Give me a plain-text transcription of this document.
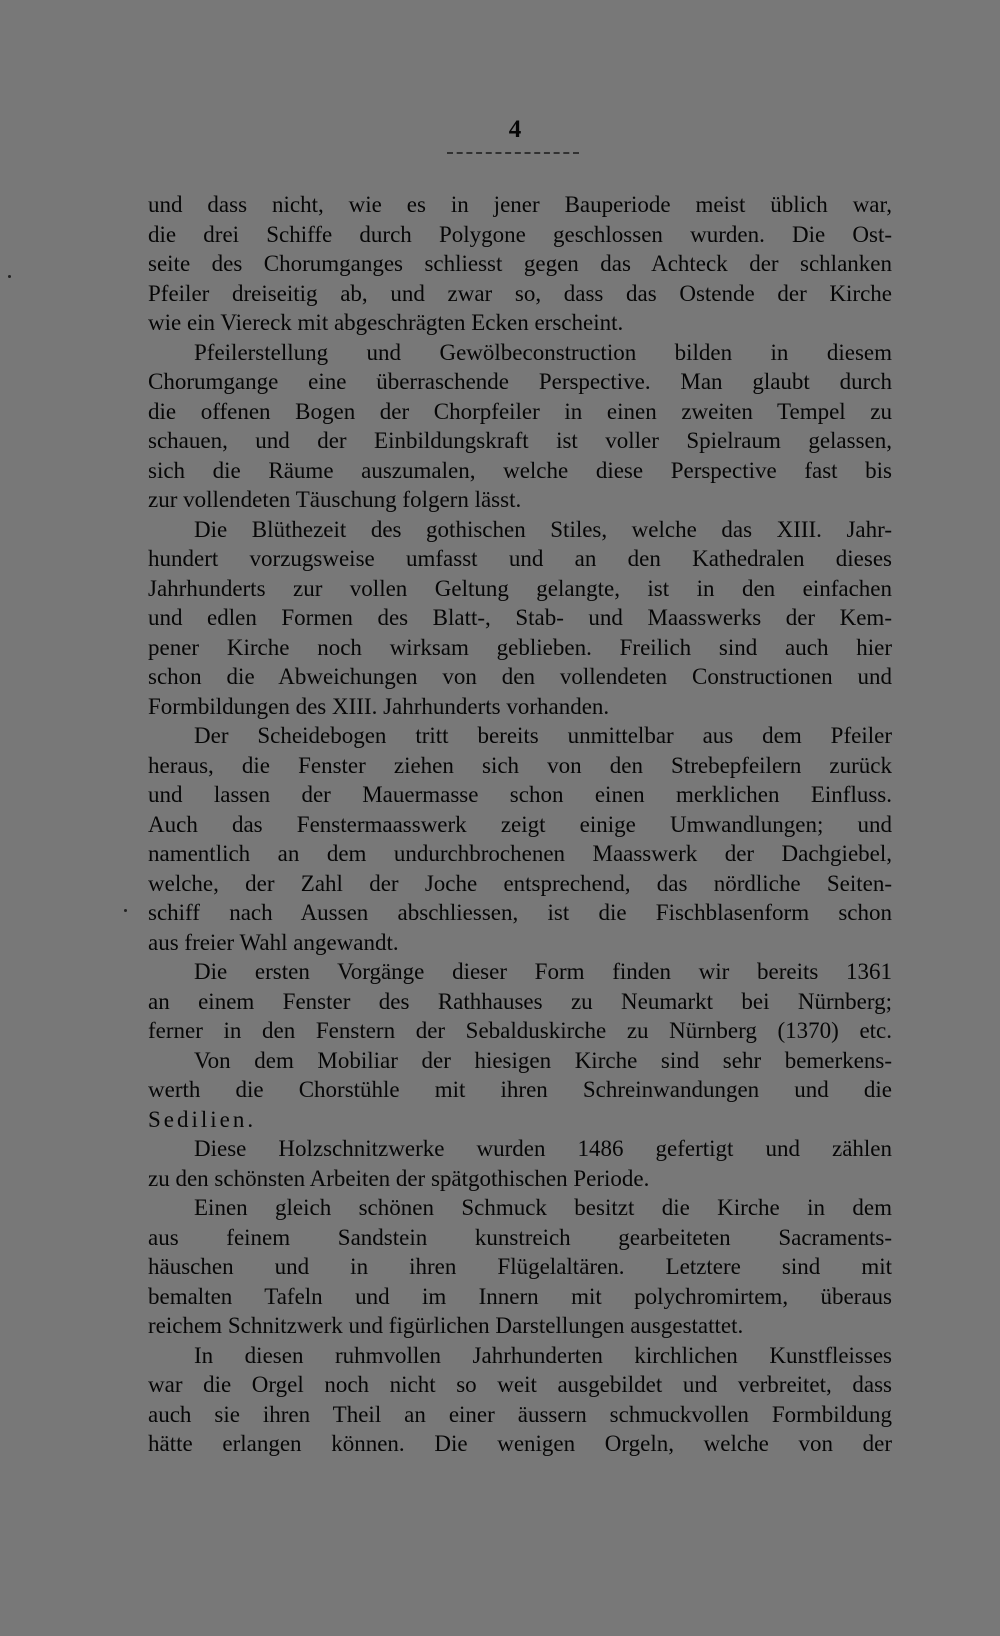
4
und dass nicht, wie es in jener Bauperiode meist üblich war,
die drei Schiffe durch Polygone geschlossen wurden. Die Ost-
seite des Chorumganges schliesst gegen das Achteck der schlanken
Pfeiler dreiseitig ab, und zwar so, dass das Ostende der Kirche
wie ein Viereck mit abgeschrägten Ecken erscheint.
Pfeilerstellung und Gewölbeconstruction bilden in diesem
Chorumgange eine überraschende Perspective. Man glaubt durch
die offenen Bogen der Chorpfeiler in einen zweiten Tempel zu
schauen, und der Einbildungskraft ist voller Spielraum gelassen,
sich die Räume auszumalen, welche diese Perspective fast bis
zur vollendeten Täuschung folgern lässt.
Die Blüthezeit des gothischen Stiles, welche das XIII. Jahr-
hundert vorzugsweise umfasst und an den Kathedralen dieses
Jahrhunderts zur vollen Geltung gelangte, ist in den einfachen
und edlen Formen des Blatt-, Stab- und Maasswerks der Kem-
pener Kirche noch wirksam geblieben. Freilich sind auch hier
schon die Abweichungen von den vollendeten Constructionen und
Formbildungen des XIII. Jahrhunderts vorhanden.
Der Scheidebogen tritt bereits unmittelbar aus dem Pfeiler
heraus, die Fenster ziehen sich von den Strebepfeilern zurück
und lassen der Mauermasse schon einen merklichen Einfluss.
Auch das Fenstermaasswerk zeigt einige Umwandlungen; und
namentlich an dem undurchbrochenen Maasswerk der Dachgiebel,
welche, der Zahl der Joche entsprechend, das nördliche Seiten-
schiff nach Aussen abschliessen, ist die Fischblasenform schon
aus freier Wahl angewandt.
Die ersten Vorgänge dieser Form finden wir bereits 1361
an einem Fenster des Rathhauses zu Neumarkt bei Nürnberg;
ferner in den Fenstern der Sebalduskirche zu Nürnberg (1370) etc.
Von dem Mobiliar der hiesigen Kirche sind sehr bemerkens-
werth die Chorstühle mit ihren Schreinwandungen und die
Sedilien.
Diese Holzschnitzwerke wurden 1486 gefertigt und zählen
zu den schönsten Arbeiten der spätgothischen Periode.
Einen gleich schönen Schmuck besitzt die Kirche in dem
aus feinem Sandstein kunstreich gearbeiteten Sacraments-
häuschen und in ihren Flügelaltären. Letztere sind mit
bemalten Tafeln und im Innern mit polychromirtem, überaus
reichem Schnitzwerk und figürlichen Darstellungen ausgestattet.
In diesen ruhmvollen Jahrhunderten kirchlichen Kunstfleisses
war die Orgel noch nicht so weit ausgebildet und verbreitet, dass
auch sie ihren Theil an einer äussern schmuckvollen Formbildung
hätte erlangen können. Die wenigen Orgeln, welche von der
